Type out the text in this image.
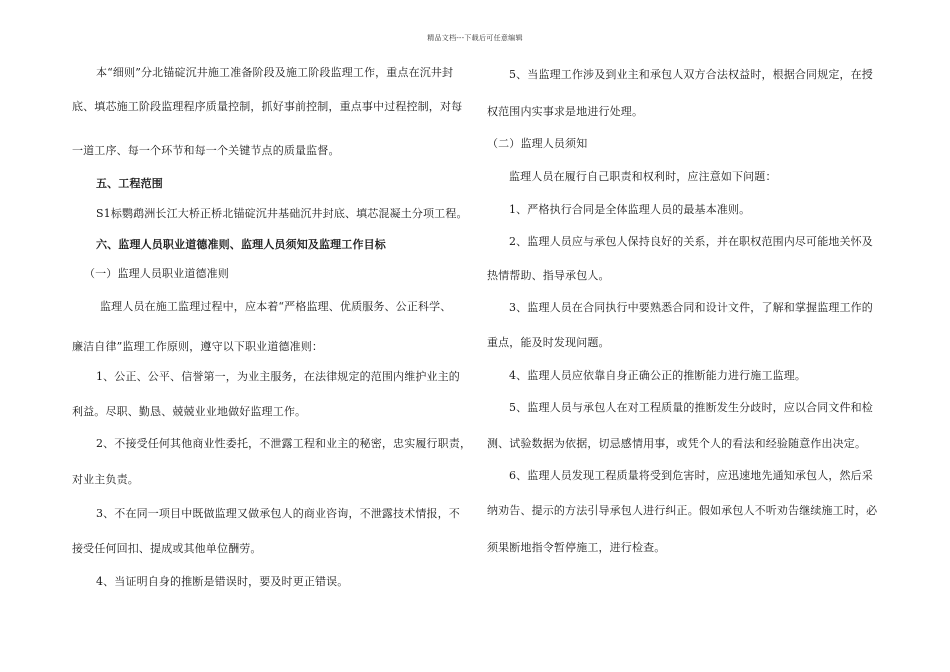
精品文档---下载后可任意编辑
本“细则”分北锚碇沉井施工准备阶段及施工阶段监理工作，重点在沉井封
底、填芯施工阶段监理程序质量控制，抓好事前控制，重点事中过程控制，对每
一道工序、每一个环节和每一个关键节点的质量监督。
五、工程范围
S1标鹦鹉洲长江大桥正桥北锚碇沉井基础沉井封底、填芯混凝土分项工程。
六、监理人员职业道德准则、监理人员须知及监理工作目标
（一）监理人员职业道德准则
监理人员在施工监理过程中，应本着“严格监理、优质服务、公正科学、
廉洁自律”监理工作原则，遵守以下职业道德准则：
1、公正、公平、信誉第一，为业主服务，在法律规定的范围内维护业主的
利益。尽职、勤恳、兢兢业业地做好监理工作。
2、不接受任何其他商业性委托，不泄露工程和业主的秘密，忠实履行职责，
对业主负责。
3、不在同一项目中既做监理又做承包人的商业咨询，不泄露技术情报，不
接受任何回扣、提成或其他单位酬劳。
4、当证明自身的推断是错误时，要及时更正错误。
5、当监理工作涉及到业主和承包人双方合法权益时，根据合同规定，在授
权范围内实事求是地进行处理。
（二）监理人员须知
监理人员在履行自己职责和权利时，应注意如下问题：
1、严格执行合同是全体监理人员的最基本准则。
2、监理人员应与承包人保持良好的关系，并在职权范围内尽可能地关怀及
热情帮助、指导承包人。
3、监理人员在合同执行中要熟悉合同和设计文件，了解和掌握监理工作的
重点，能及时发现问题。
4、监理人员应依靠自身正确公正的推断能力进行施工监理。
5、监理人员与承包人在对工程质量的推断发生分歧时，应以合同文件和检
测、试验数据为依据，切忌感情用事，或凭个人的看法和经验随意作出决定。
6、监理人员发现工程质量将受到危害时，应迅速地先通知承包人，然后采
纳劝告、提示的方法引导承包人进行纠正。假如承包人不听劝告继续施工时，必
须果断地指令暂停施工，进行检查。
